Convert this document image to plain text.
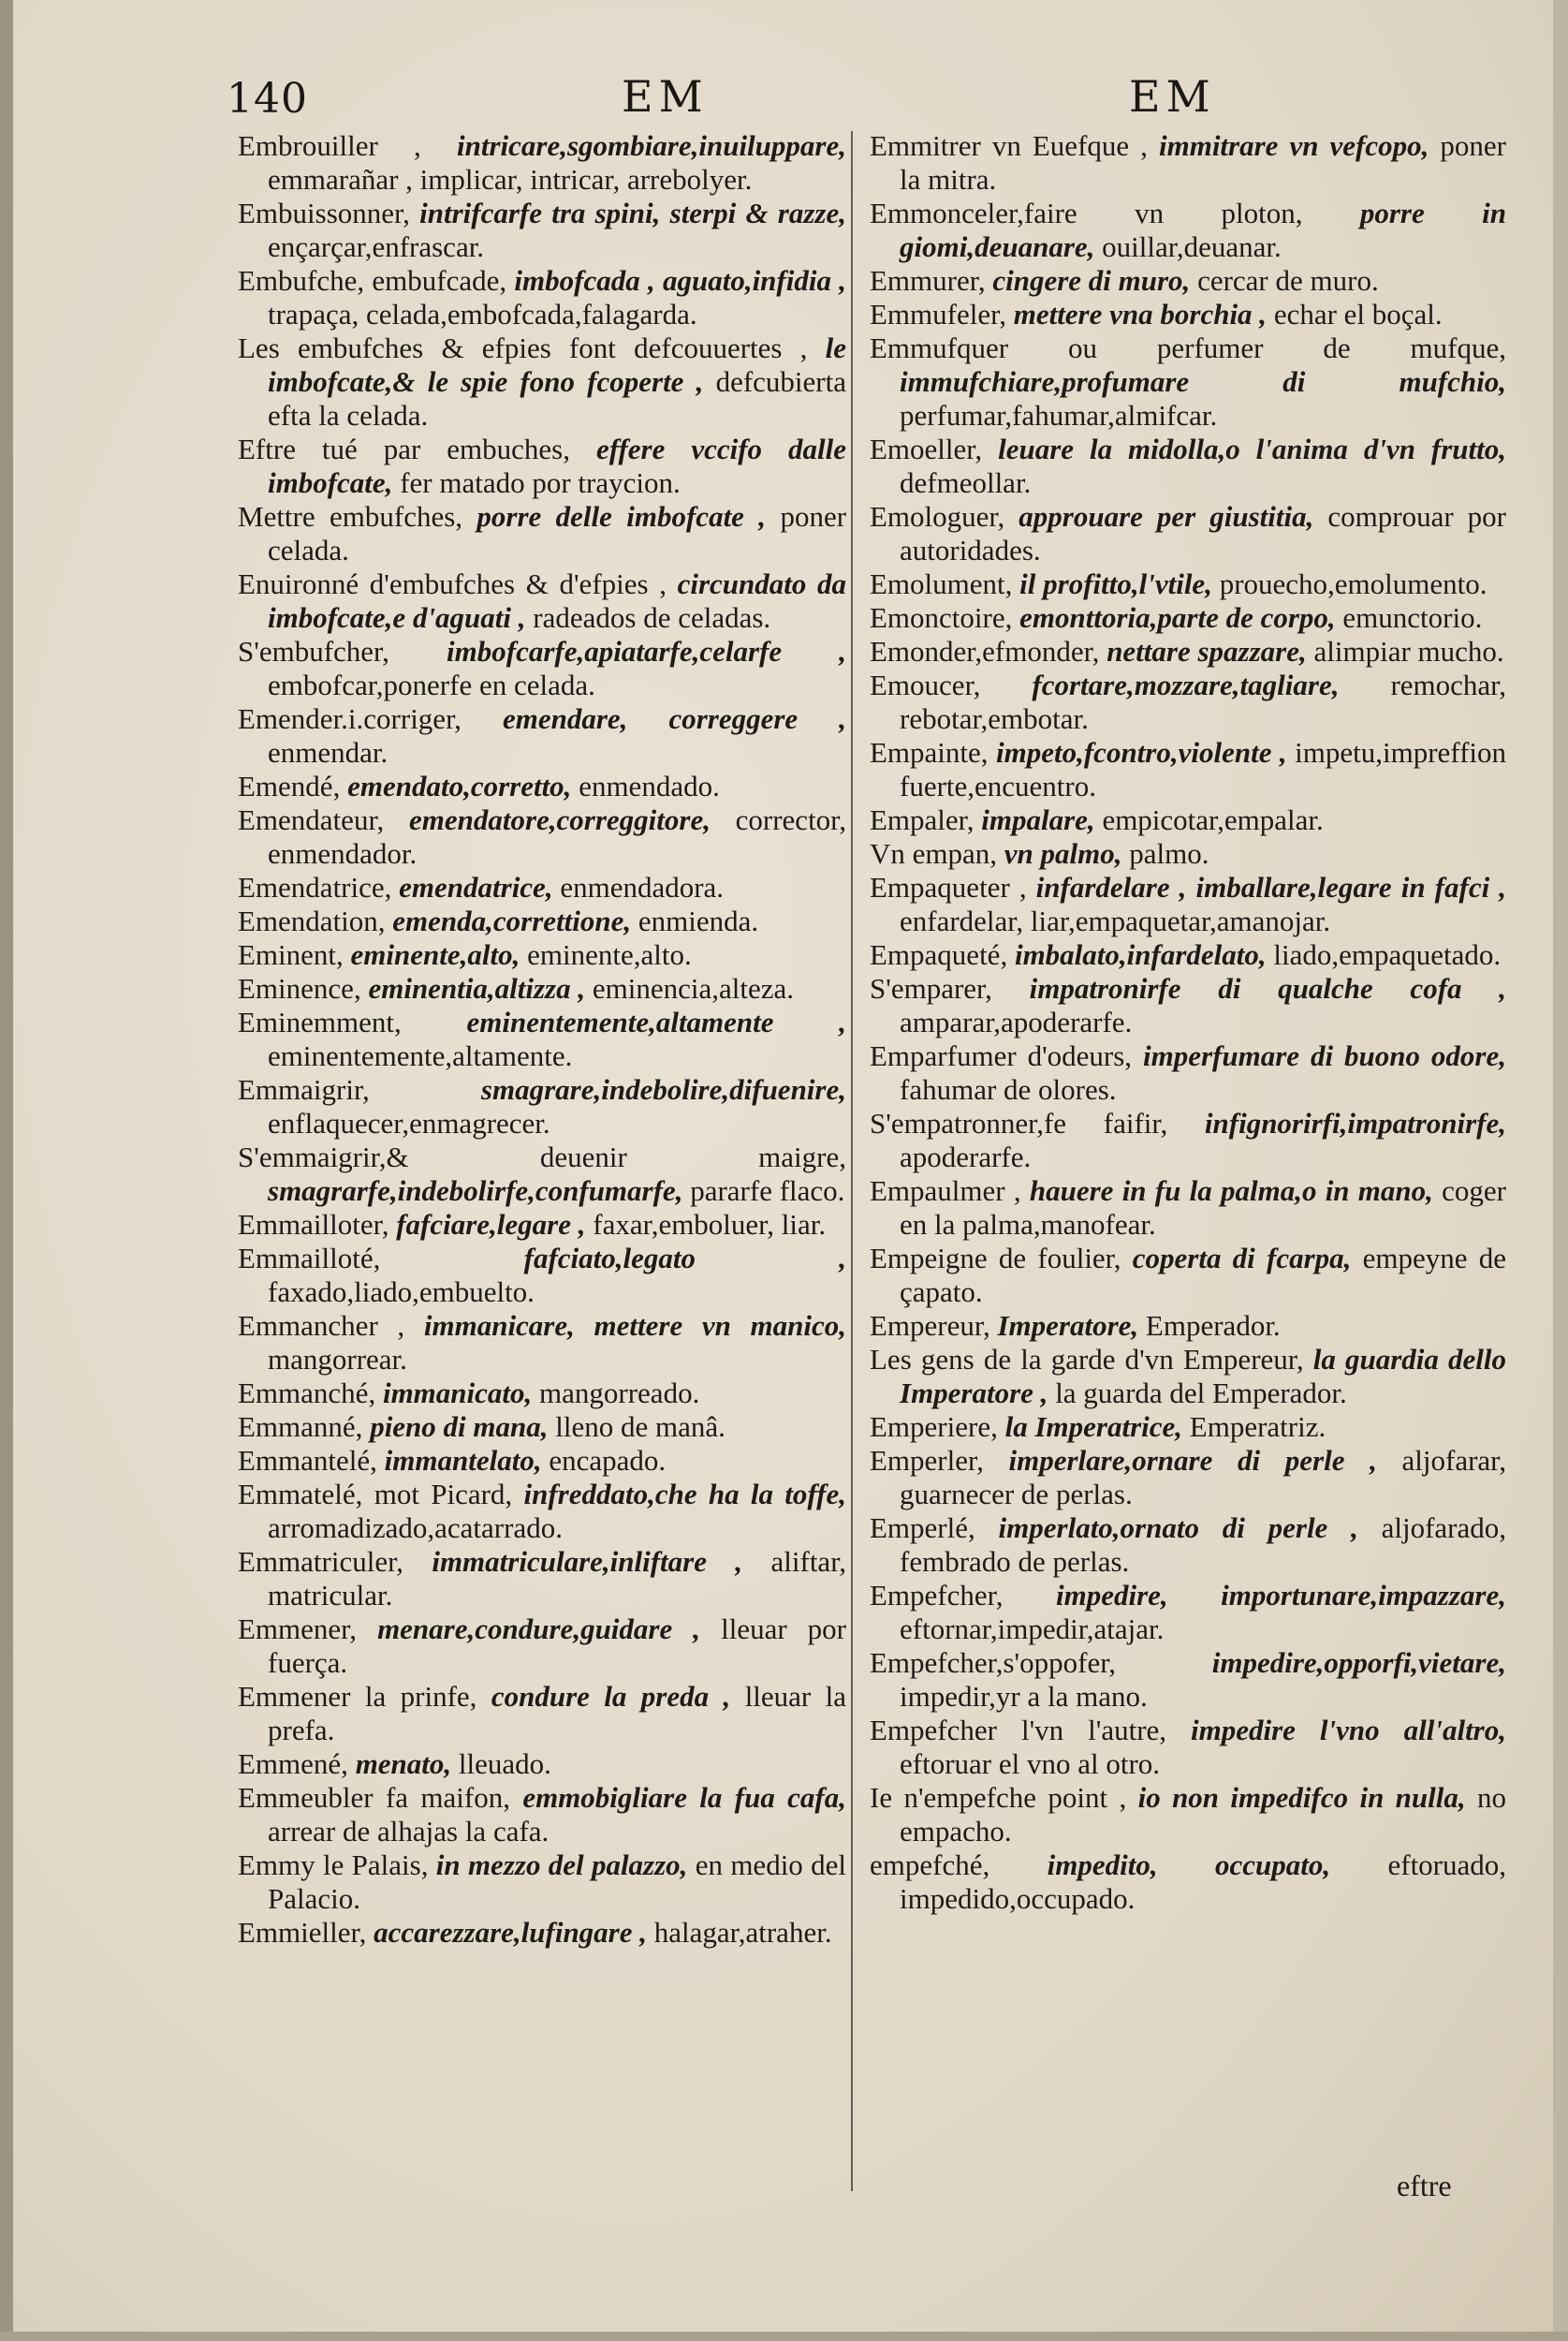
140	EM	EM
Embrouiller , intricare,sgombiare,inuiluppare, emmarañar , implicar, intricar, arrebolуer.
Embuissonner, intrifcarfe tra spini, sterpi & razze, ençarçar,enfrascar.
Embufche, embufcade, imbofcada , aguato,infidia , trapaça, celada,embofcada,falagarda.
Les embufches & efpies font defcouuertes , le imbofcate,& le spie fono fcoperte , defcubierta efta la celada.
Eftre tué par embuches, effere vccifo dalle imbofcate, fer matado por traycion.
Mettre embufches, porre delle imbofcate , poner celada.
Enuironné d'embufches & d'efpies , circundato da imbofcate,e d'aguati , radeados de celadas.
S'embufcher, imbofcarfe,apiatarfe,celarfe , embofcar,ponerfe en celada.
Emender.i.corriger, emendare, correggere , enmendar.
Emendé, emendato,corretto, enmendado.
Emendateur, emendatore,correggitore, corrector, enmendador.
Emendatrice, emendatrice, enmendadora.
Emendation, emenda,correttione, enmienda.
Eminent, eminente,alto, eminente,alto.
Eminence, eminentia,altizza , eminencia,alteza.
Eminemment, eminentemente,altamente , eminentemente,altamente.
Emmaigrir,	smagrare,indebolire,difuenire, enflaquecer,enmagrecer.
S'emmaigrir,& deuenir maigre, smagrarfe,indebolirfe,confumarfe, pararfe flaco.
Emmailloter, fafciare,legare , faxar,emboluer, liar.
Emmailloté,	fafciato,legato , faxado,liado,embuelto.
Emmancher , immanicare, mettere vn manico, mangorrear.
Emmanché, immanicato, mangorreado.
Emmanné, pieno di mana, lleno de manâ.
Emmantelé, immantelato, encapado.
Emmatelé, mot Picard, infreddato,che ha la toffe, arromadizado,acatarrado.
Emmatriculer, immatriculare,inliftare , aliftar, matricular.
Emmener, menare,condure,guidare , lleuar por fuerça.
Emmener la prinfe, condure la preda , lleuar la prefa.
Emmené, menato, lleuado.
Emmeubler fa maifon, emmobigliare la fua cafa, arrear de alhajas la cafa.
Emmy le Palais, in mezzo del palazzo, en medio del Palacio.
Emmieller, accarezzare,lufingare , halagar,atraher.
Emmitrer vn Euefque , immitrare vn vefcopo, poner la mitra.
Emmonceler,faire vn ploton, porre in giomi,deuanare, ouillar,deuanar.
Emmurer, cingere di muro, cercar de muro.
Emmufeler, mettere vna borchia , echar el boçal.
Emmufquer ou perfumer de mufque, immufchiare,profumare di mufchio, perfumar,fahumar,almifcar.
Emoeller, leuare la midolla,o l'anima d'vn frutto, defmeollar.
Emologuer, approuare per giustitia, comprouar por autoridades.
Emolument, il profitto,l'vtile, prouecho,emolumento.
Emonctoire, emonttoria,parte de corpo, emunctorio.
Emonder,efmonder, nettare spazzare, alimpiar mucho.
Emoucer, fcortare,mozzare,tagliare, remochar, rebotar,embotar.
Empainte, impeto,fcontro,violente , impetu,impreffion fuerte,encuentro.
Empaler, impalare, empicotar,empalar.
Vn empan, vn palmo, palmo.
Empaqueter , infardelare , imballare,legare in fafci , enfardelar, liar,empaquetar,amanojar.
Empaqueté, imbalato,infardelato, liado,empaquetado.
S'emparer, impatronirfe di qualche cofa , amparar,apoderarfe.
Emparfumer d'odeurs, imperfumare di buono odore, fahumar de olores.
S'empatronner,fe faifir, infignorirfi,impatronirfe, apoderarfe.
Empaulmer , hauere in fu la palma,o in mano, coger en la palma,manofear.
Empeigne de foulier, coperta di fcarpa, empeyne de çapato.
Empereur, Imperatore, Emperador.
Les gens de la garde d'vn Empereur, la guardia dello Imperatore , la guarda del Emperador.
Emperiere, la Imperatrice, Emperatriz.
Emperler, imperlare,ornare di perle , aljofarar, guarnecer de perlas.
Emperlé, imperlato,ornato di perle , aljofarado, fembrado de perlas.
Empefcher, impedire, importunare,impazzare, eftornar,impedir,atajar.
Empefcher,s'oppofer,	impedire,opporfi,vietare, impedir,yr a la mano.
Empefcher l'vn l'autre, impedire l'vno all'altro, eftoruar el vno al otro.
Ie n'empefche point , io non impedifco in nulla, no empacho.
empefché, impedito, occupato, eftoruado, impedido,occupado.
eftre
